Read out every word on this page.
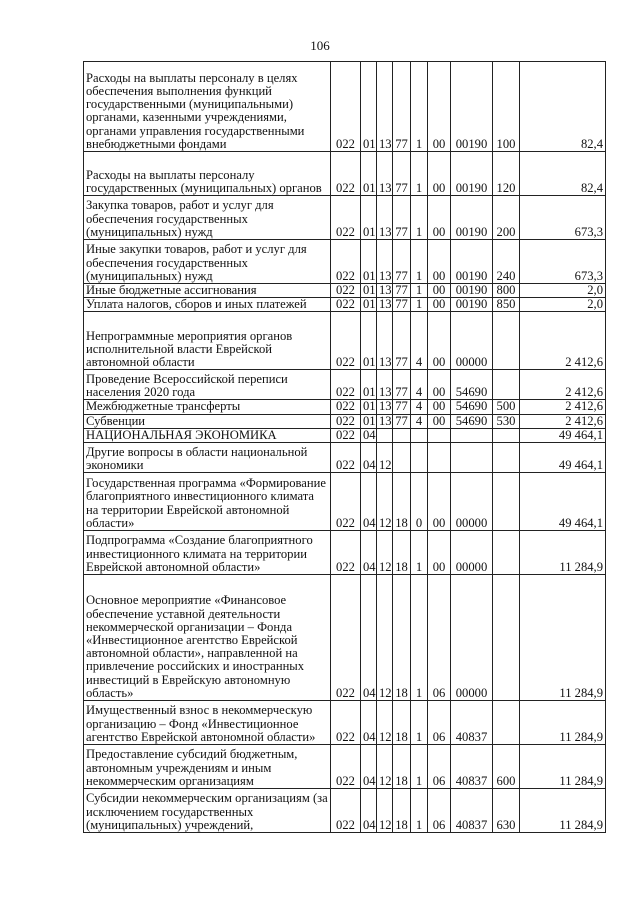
106
Расходы на выплаты персоналу в целях обеспечения выполнения функций государственными (муниципальными) органами, казенными учреждениями, органами управления государственными внебюджетными фондами	022	01	13	77	1	00	00190	100	82,4
Расходы на выплаты персоналу государственных (муниципальных) органов	022	01	13	77	1	00	00190	120	82,4
Закупка товаров, работ и услуг для обеспечения государственных (муниципальных) нужд	022	01	13	77	1	00	00190	200	673,3
Иные закупки товаров, работ и услуг для обеспечения государственных (муниципальных) нужд	022	01	13	77	1	00	00190	240	673,3
Иные бюджетные ассигнования	022	01	13	77	1	00	00190	800	2,0
Уплата налогов, сборов и иных платежей	022	01	13	77	1	00	00190	850	2,0
Непрограммные мероприятия органов исполнительной власти Еврейской автономной области	022	01	13	77	4	00	00000		2 412,6
Проведение Всероссийской переписи населения 2020 года	022	01	13	77	4	00	54690		2 412,6
Межбюджетные трансферты	022	01	13	77	4	00	54690	500	2 412,6
Субвенции	022	01	13	77	4	00	54690	530	2 412,6
НАЦИОНАЛЬНАЯ ЭКОНОМИКА	022	04							49 464,1
Другие вопросы в области национальной экономики	022	04	12						49 464,1
Государственная программа «Формирование благоприятного инвестиционного климата на территории Еврейской автономной области»	022	04	12	18	0	00	00000		49 464,1
Подпрограмма «Создание благоприятного инвестиционного климата на территории Еврейской автономной области»	022	04	12	18	1	00	00000		11 284,9
Основное мероприятие «Финансовое обеспечение уставной деятельности некоммерческой организации – Фонда «Инвестиционное агентство Еврейской автономной области», направленной на привлечение российских и иностранных инвестиций в Еврейскую автономную область»	022	04	12	18	1	06	00000		11 284,9
Имущественный взнос в некоммерческую организацию – Фонд «Инвестиционное агентство Еврейской автономной области»	022	04	12	18	1	06	40837		11 284,9
Предоставление субсидий бюджетным, автономным учреждениям и иным некоммерческим организациям	022	04	12	18	1	06	40837	600	11 284,9
Субсидии некоммерческим организациям (за исключением государственных (муниципальных) учреждений,	022	04	12	18	1	06	40837	630	11 284,9
